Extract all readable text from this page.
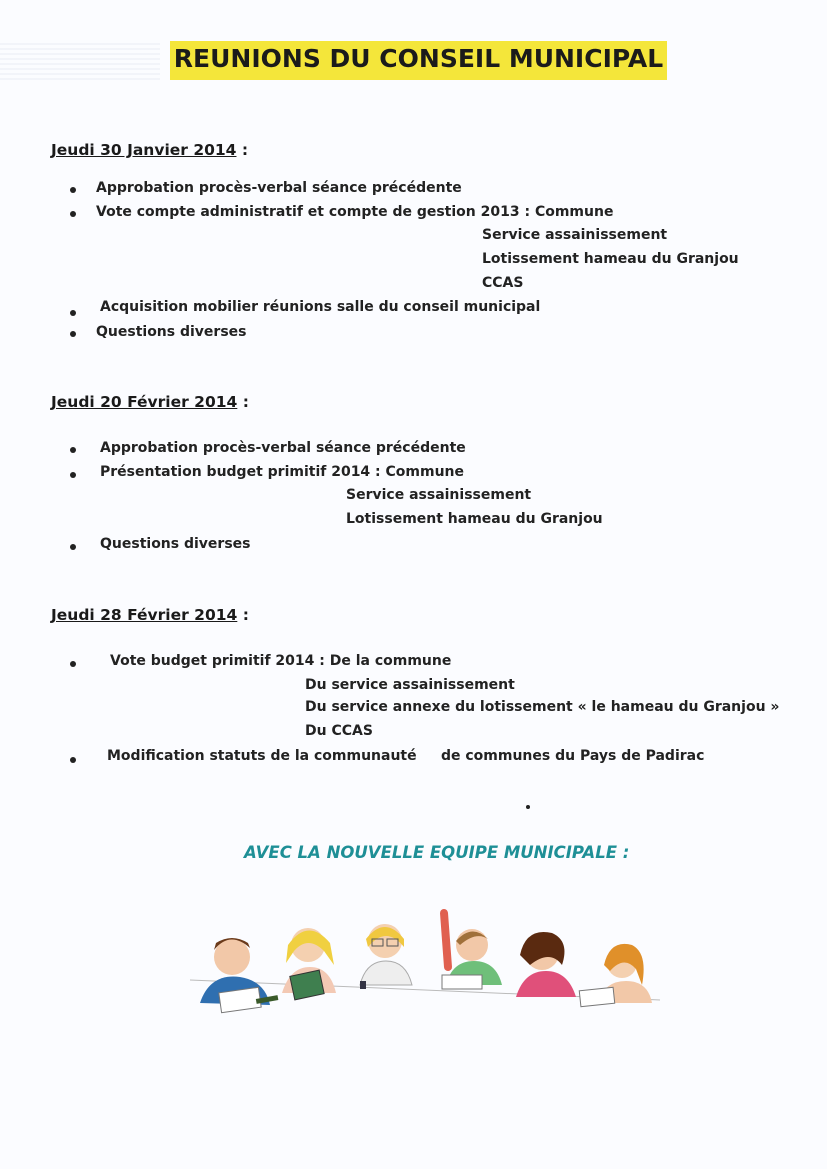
REUNIONS DU CONSEIL MUNICIPAL
Jeudi 30 Janvier 2014 :
Approbation procès-verbal séance précédente
Vote compte administratif et compte de gestion 2013 : Commune
Service assainissement
Lotissement hameau du Granjou
CCAS
Acquisition mobilier réunions salle du conseil municipal
Questions diverses
Jeudi 20 Février 2014 :
Approbation procès-verbal séance précédente
Présentation budget primitif 2014 : Commune
Service assainissement
Lotissement hameau du Granjou
Questions diverses
Jeudi 28 Février 2014 :
Vote budget primitif 2014 : De la commune
Du service assainissement
Du service annexe du lotissement « le hameau du Granjou »
Du CCAS
Modification statuts de la communauté     de communes du Pays de Padirac
AVEC LA NOUVELLE EQUIPE MUNICIPALE :
